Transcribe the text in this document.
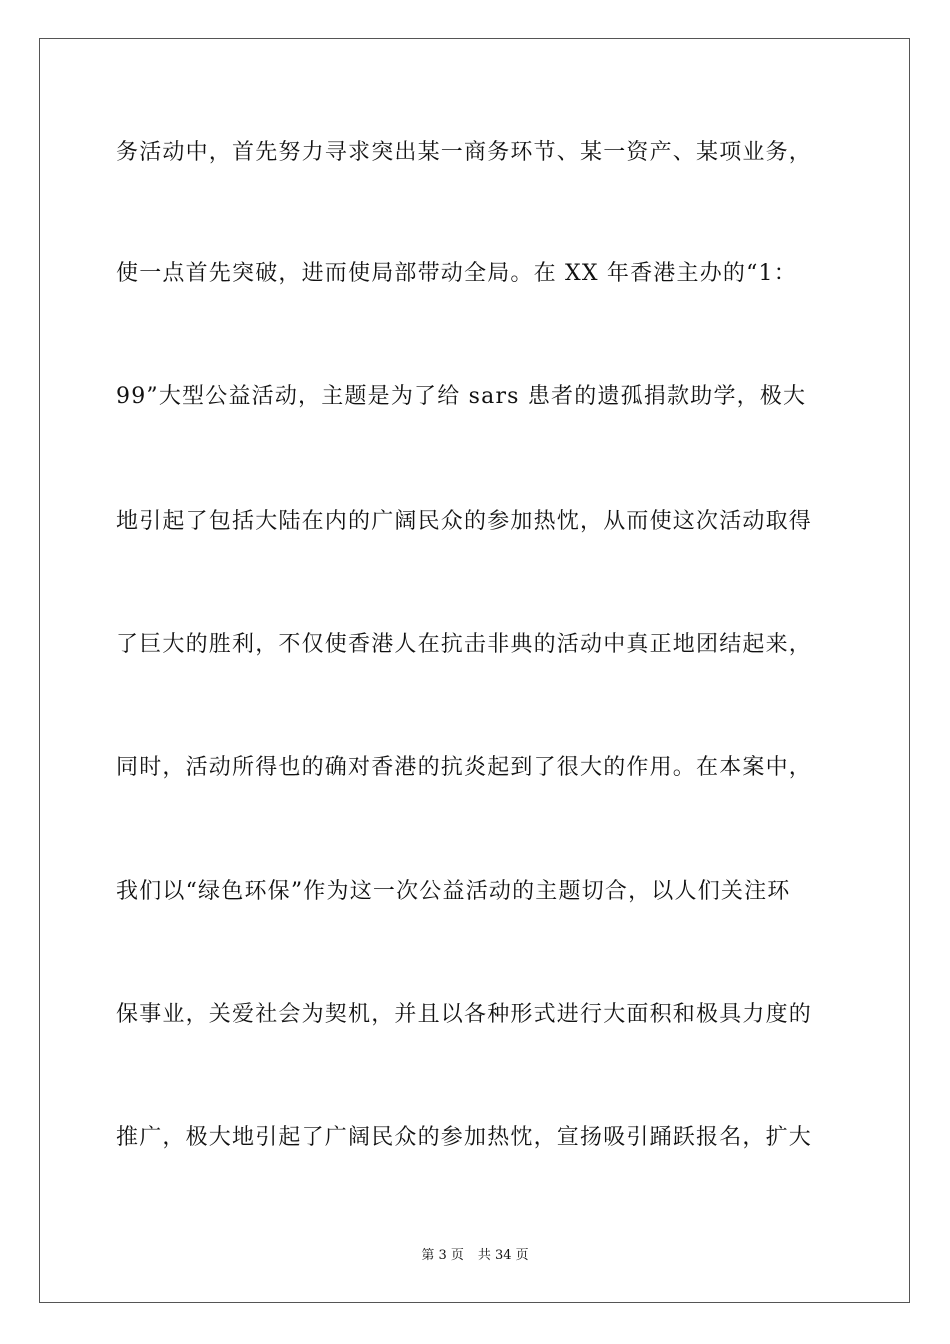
务活动中，首先努力寻求突出某一商务环节、某一资产、某项业务，
使一点首先突破，进而使局部带动全局。在 XX 年香港主办的“1：
99”大型公益活动，主题是为了给 sars 患者的遗孤捐款助学，极大
地引起了包括大陆在内的广阔民众的参加热忱，从而使这次活动取得
了巨大的胜利，不仅使香港人在抗击非典的活动中真正地团结起来，
同时，活动所得也的确对香港的抗炎起到了很大的作用。在本案中，
我们以“绿色环保”作为这一次公益活动的主题切合，以人们关注环
保事业，关爱社会为契机，并且以各种形式进行大面积和极具力度的
推广，极大地引起了广阔民众的参加热忱，宣扬吸引踊跃报名，扩大
第 3 页 共 34 页
